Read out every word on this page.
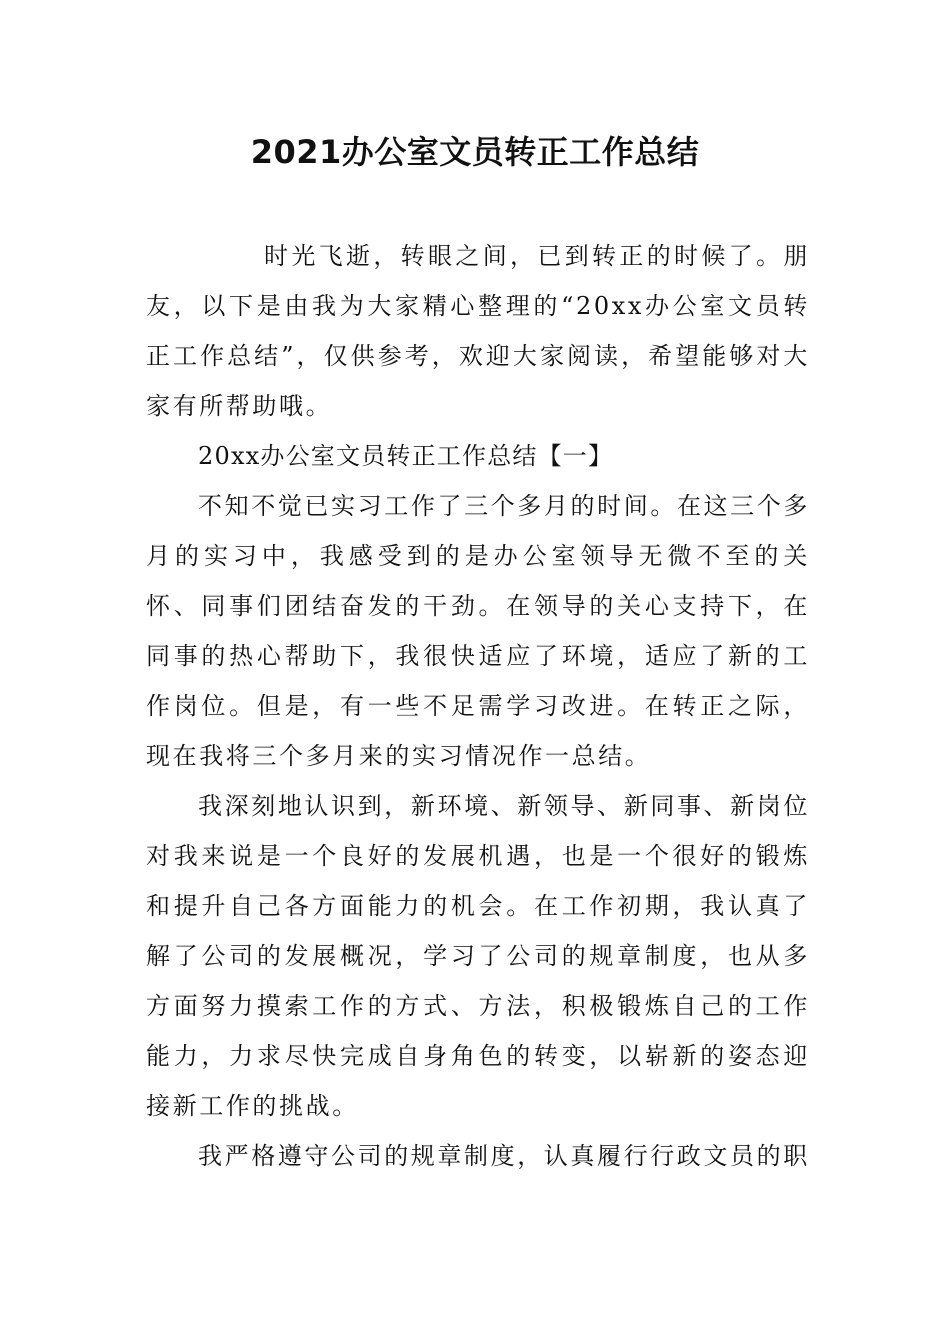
2021办公室文员转正工作总结

时光飞逝，转眼之间，已到转正的时候了。朋友，以下是由我为大家精心整理的“20xx办公室文员转正工作总结”，仅供参考，欢迎大家阅读，希望能够对大家有所帮助哦。

20xx办公室文员转正工作总结【一】

不知不觉已实习工作了三个多月的时间。在这三个多月的实习中，我感受到的是办公室领导无微不至的关怀、同事们团结奋发的干劲。在领导的关心支持下，在同事的热心帮助下，我很快适应了环境，适应了新的工作岗位。但是，有一些不足需学习改进。在转正之际，现在我将三个多月来的实习情况作一总结。

我深刻地认识到，新环境、新领导、新同事、新岗位对我来说是一个良好的发展机遇，也是一个很好的锻炼和提升自己各方面能力的机会。在工作初期，我认真了解了公司的发展概况，学习了公司的规章制度，也从多方面努力摸索工作的方式、方法，积极锻炼自己的工作能力，力求尽快完成自身角色的转变，以崭新的姿态迎接新工作的挑战。

我严格遵守公司的规章制度，认真履行行政文员的职
